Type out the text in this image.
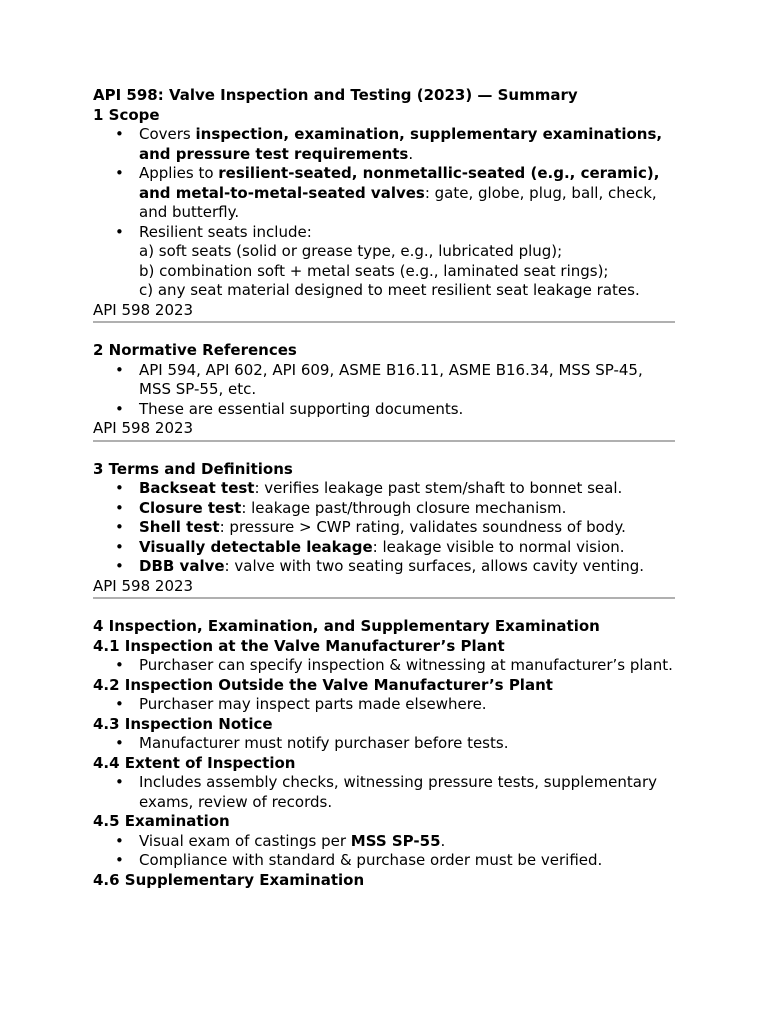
API 598: Valve Inspection and Testing (2023) — Summary

1 Scope

• Covers inspection, examination, supplementary examinations, and pressure test requirements.
• Applies to resilient-seated, nonmetallic-seated (e.g., ceramic), and metal-to-metal-seated valves: gate, globe, plug, ball, check, and butterfly.
• Resilient seats include:
a) soft seats (solid or grease type, e.g., lubricated plug);
b) combination soft + metal seats (e.g., laminated seat rings);
c) any seat material designed to meet resilient seat leakage rates.

API 598 2023

2 Normative References

• API 594, API 602, API 609, ASME B16.11, ASME B16.34, MSS SP-45, MSS SP-55, etc.
• These are essential supporting documents.

API 598 2023

3 Terms and Definitions

• Backseat test: verifies leakage past stem/shaft to bonnet seal.
• Closure test: leakage past/through closure mechanism.
• Shell test: pressure > CWP rating, validates soundness of body.
• Visually detectable leakage: leakage visible to normal vision.
• DBB valve: valve with two seating surfaces, allows cavity venting.

API 598 2023

4 Inspection, Examination, and Supplementary Examination

4.1 Inspection at the Valve Manufacturer’s Plant

• Purchaser can specify inspection & witnessing at manufacturer’s plant.

4.2 Inspection Outside the Valve Manufacturer’s Plant

• Purchaser may inspect parts made elsewhere.

4.3 Inspection Notice

• Manufacturer must notify purchaser before tests.

4.4 Extent of Inspection

• Includes assembly checks, witnessing pressure tests, supplementary exams, review of records.

4.5 Examination

• Visual exam of castings per MSS SP-55.
• Compliance with standard & purchase order must be verified.

4.6 Supplementary Examination
